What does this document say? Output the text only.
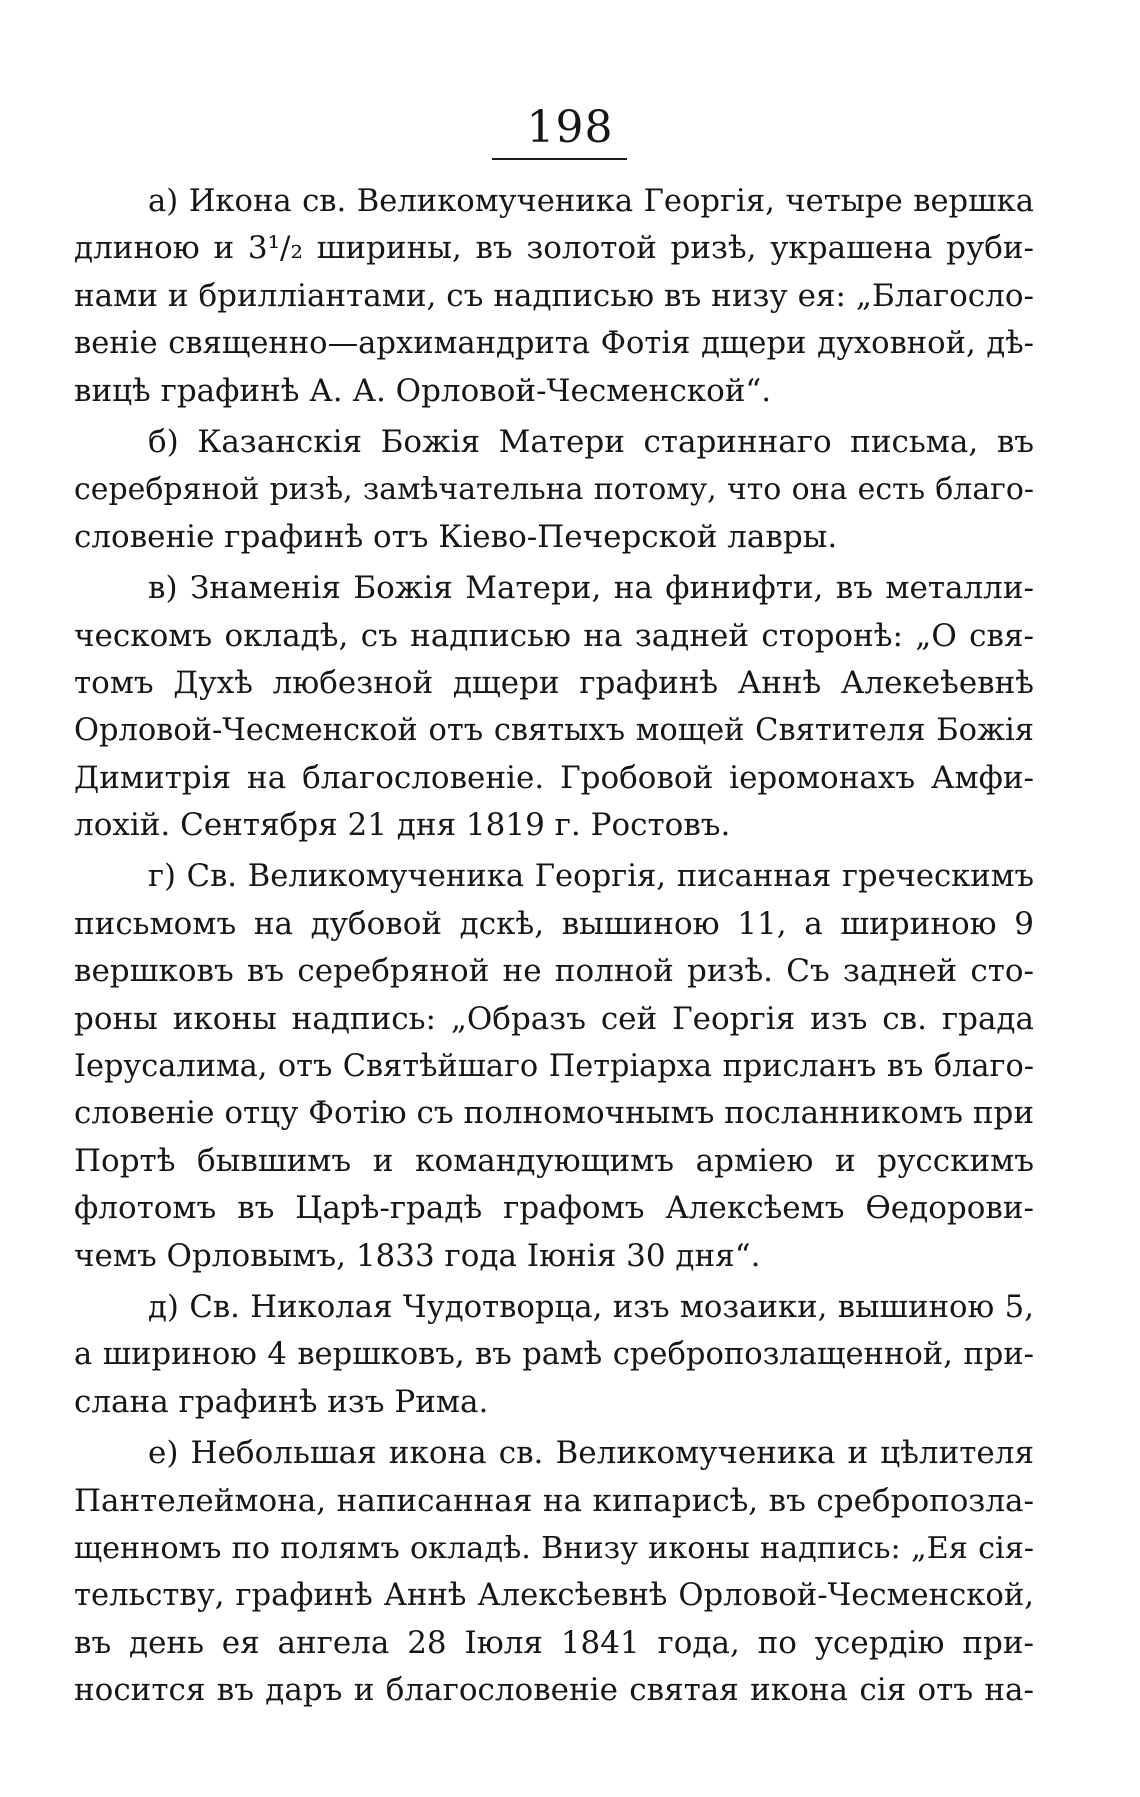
198
а) Икона св. Великомученика Георгія, четыре вершка
длиною и 3¹/₂ ширины, въ золотой ризѣ, украшена руби-
нами и бриллiантами, съ надписью въ низу ея: „Благосло-
веніе священно—архимандрита Фотія дщери духовной, дѣ-
вицѣ графинѣ А. А. Орловой-Чесменской“.
б) Казанскія Божія Матери стариннаго письма, въ
серебряной ризѣ, замѣчательна потому, что она есть благо-
словеніе графинѣ отъ Кіево-Печерской лавры.
в) Знаменія Божія Матери, на финифти, въ металли-
ческомъ окладѣ, съ надписью на задней сторонѣ: „О свя-
томъ Духѣ любезной дщери графинѣ Аннѣ Алекеѣевнѣ
Орловой-Чесменской отъ святыхъ мощей Святителя Божія
Димитрія на благословеніе. Гробовой іеромонахъ Амфи-
лохій. Сентября 21 дня 1819 г. Ростовъ.
г) Св. Великомученика Георгія, писанная греческимъ
письмомъ на дубовой дскѣ, вышиною 11, а шириною 9
вершковъ въ серебряной не полной ризѣ. Съ задней сто-
роны иконы надпись: „Образъ сей Георгія изъ св. града
Іерусалима, отъ Святѣйшаго Петріарха присланъ въ благо-
словеніе отцу Фотію съ полномочнымъ посланникомъ при
Портѣ бывшимъ и командующимъ арміею и русскимъ
флотомъ въ Царѣ-градѣ графомъ Алексѣемъ Ѳедорови-
чемъ Орловымъ, 1833 года Іюнія 30 дня“.
д) Св. Николая Чудотворца, изъ мозаики, вышиною 5,
а шириною 4 вершковъ, въ рамѣ сребропозлащенной, при-
слана графинѣ изъ Рима.
е) Небольшая икона св. Великомученика и цѣлителя
Пантелеймона, написанная на кипарисѣ, въ сребропозла-
щенномъ по полямъ окладѣ. Внизу иконы надпись: „Ея сія-
тельству, графинѣ Аннѣ Алексѣевнѣ Орловой-Чесменской,
въ день ея ангела 28 Іюля 1841 года, по усердію при-
носится въ даръ и благословеніе святая икона сія отъ на-
